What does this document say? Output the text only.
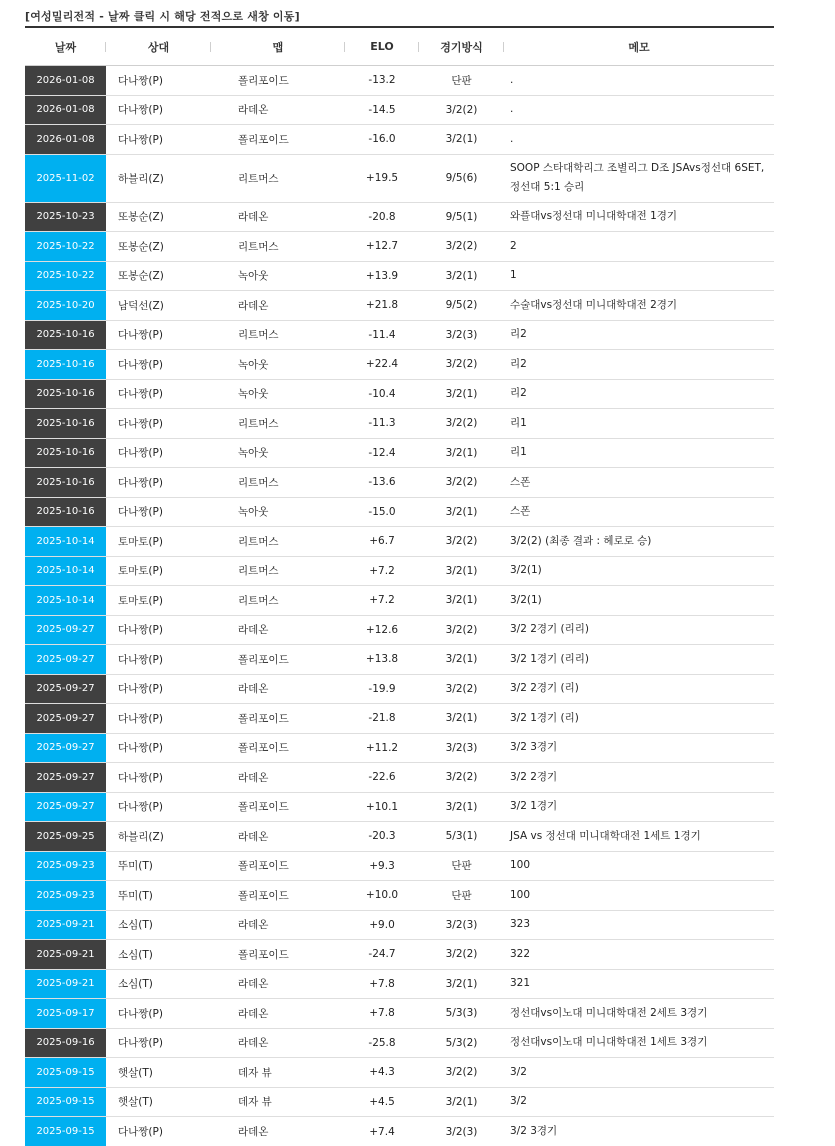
[여성밀리전적 - 날짜 클릭 시 해당 전적으로 새창 이동]
날짜	상대	맵	ELO	경기방식	메모
2026-01-08	다나짱(P)	폴리포이드	-13.2	단판	.
2026-01-08	다나짱(P)	라데온	-14.5	3/2(2)	.
2026-01-08	다나짱(P)	폴리포이드	-16.0	3/2(1)	.
2025-11-02	하블리(Z)	리트머스	+19.5	9/5(6)	SOOP 스타대학리그 조별리그 D조 JSAvs정선대 6SET,정선대 5:1 승리
2025-10-23	또봉순(Z)	라데온	-20.8	9/5(1)	와플대vs정선대 미니대학대전 1경기
2025-10-22	또봉순(Z)	리트머스	+12.7	3/2(2)	2
2025-10-22	또봉순(Z)	녹아웃	+13.9	3/2(1)	1
2025-10-20	남덕선(Z)	라데온	+21.8	9/5(2)	수술대vs정선대 미니대학대전 2경기
2025-10-16	다나짱(P)	리트머스	-11.4	3/2(3)	리2
2025-10-16	다나짱(P)	녹아웃	+22.4	3/2(2)	리2
2025-10-16	다나짱(P)	녹아웃	-10.4	3/2(1)	리2
2025-10-16	다나짱(P)	리트머스	-11.3	3/2(2)	리1
2025-10-16	다나짱(P)	녹아웃	-12.4	3/2(1)	리1
2025-10-16	다나짱(P)	리트머스	-13.6	3/2(2)	스폰
2025-10-16	다나짱(P)	녹아웃	-15.0	3/2(1)	스폰
2025-10-14	토마토(P)	리트머스	+6.7	3/2(2)	3/2(2) (최종 결과 : 헤로로 승)
2025-10-14	토마토(P)	리트머스	+7.2	3/2(1)	3/2(1)
2025-10-14	토마토(P)	리트머스	+7.2	3/2(1)	3/2(1)
2025-09-27	다나짱(P)	라데온	+12.6	3/2(2)	3/2 2경기 (리리)
2025-09-27	다나짱(P)	폴리포이드	+13.8	3/2(1)	3/2 1경기 (리리)
2025-09-27	다나짱(P)	라데온	-19.9	3/2(2)	3/2 2경기 (리)
2025-09-27	다나짱(P)	폴리포이드	-21.8	3/2(1)	3/2 1경기 (리)
2025-09-27	다나짱(P)	폴리포이드	+11.2	3/2(3)	3/2 3경기
2025-09-27	다나짱(P)	라데온	-22.6	3/2(2)	3/2 2경기
2025-09-27	다나짱(P)	폴리포이드	+10.1	3/2(1)	3/2 1경기
2025-09-25	하블리(Z)	라데온	-20.3	5/3(1)	JSA vs 정선대 미니대학대전 1세트 1경기
2025-09-23	뚜미(T)	폴리포이드	+9.3	단판	100
2025-09-23	뚜미(T)	폴리포이드	+10.0	단판	100
2025-09-21	소심(T)	라데온	+9.0	3/2(3)	323
2025-09-21	소심(T)	폴리포이드	-24.7	3/2(2)	322
2025-09-21	소심(T)	라데온	+7.8	3/2(1)	321
2025-09-17	다나짱(P)	라데온	+7.8	5/3(3)	정선대vs이노대 미니대학대전 2세트 3경기
2025-09-16	다나짱(P)	라데온	-25.8	5/3(2)	정선대vs이노대 미니대학대전 1세트 3경기
2025-09-15	햇살(T)	데자 뷰	+4.3	3/2(2)	3/2
2025-09-15	햇살(T)	데자 뷰	+4.5	3/2(1)	3/2
2025-09-15	다나짱(P)	라데온	+7.4	3/2(3)	3/2 3경기
